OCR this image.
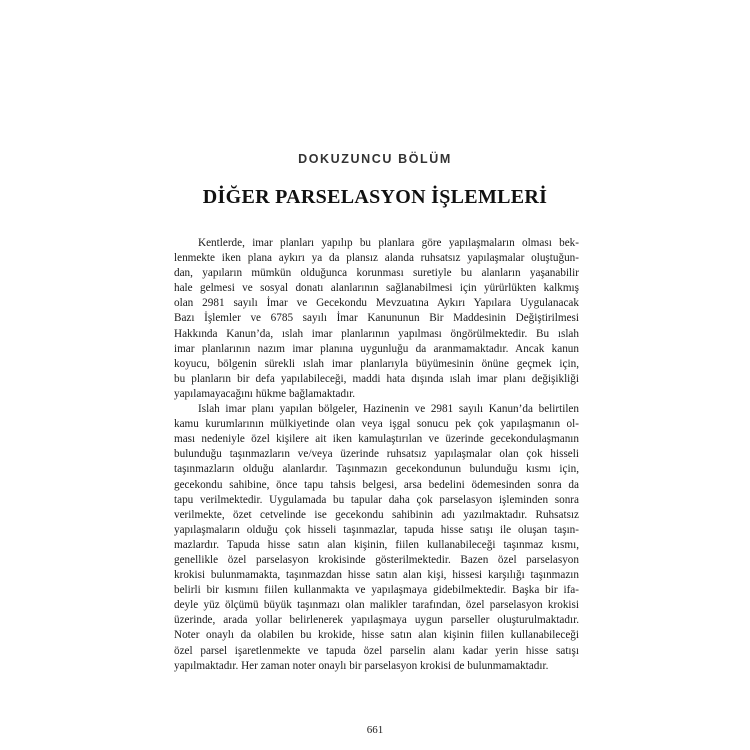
DOKUZUNCU BÖLÜM
DİĞER PARSELASYON İŞLEMLERİ
Kentlerde, imar planları yapılıp bu planlara göre yapılaşmaların olması bek-
lenmekte iken plana aykırı ya da plansız alanda ruhsatsız yapılaşmalar oluştuğun-
dan, yapıların mümkün olduğunca korunması suretiyle bu alanların yaşanabilir
hale gelmesi ve sosyal donatı alanlarının sağlanabilmesi için yürürlükten kalkmış
olan 2981 sayılı İmar ve Gecekondu Mevzuatına Aykırı Yapılara Uygulanacak
Bazı İşlemler ve 6785 sayılı İmar Kanununun Bir Maddesinin Değiştirilmesi
Hakkında Kanun’da, ıslah imar planlarının yapılması öngörülmektedir. Bu ıslah
imar planlarının nazım imar planına uygunluğu da aranmamaktadır. Ancak kanun
koyucu, bölgenin sürekli ıslah imar planlarıyla büyümesinin önüne geçmek için,
bu planların bir defa yapılabileceği, maddi hata dışında ıslah imar planı değişikliği
yapılamayacağını hükme bağlamaktadır.
Islah imar planı yapılan bölgeler, Hazinenin ve 2981 sayılı Kanun’da belirtilen
kamu kurumlarının mülkiyetinde olan veya işgal sonucu pek çok yapılaşmanın ol-
ması nedeniyle özel kişilere ait iken kamulaştırılan ve üzerinde gecekondulaşmanın
bulunduğu taşınmazların ve/veya üzerinde ruhsatsız yapılaşmalar olan çok hisseli
taşınmazların olduğu alanlardır. Taşınmazın gecekondunun bulunduğu kısmı için,
gecekondu sahibine, önce tapu tahsis belgesi, arsa bedelini ödemesinden sonra da
tapu verilmektedir. Uygulamada bu tapular daha çok parselasyon işleminden sonra
verilmekte, özet cetvelinde ise gecekondu sahibinin adı yazılmaktadır. Ruhsatsız
yapılaşmaların olduğu çok hisseli taşınmazlar, tapuda hisse satışı ile oluşan taşın-
mazlardır. Tapuda hisse satın alan kişinin, fiilen kullanabileceği taşınmaz kısmı,
genellikle özel parselasyon krokisinde gösterilmektedir. Bazen özel parselasyon
krokisi bulunmamakta, taşınmazdan hisse satın alan kişi, hissesi karşılığı taşınmazın
belirli bir kısmını fiilen kullanmakta ve yapılaşmaya gidebilmektedir. Başka bir ifa-
deyle yüz ölçümü büyük taşınmazı olan malikler tarafından, özel parselasyon krokisi
üzerinde, arada yollar belirlenerek yapılaşmaya uygun parseller oluşturulmaktadır.
Noter onaylı da olabilen bu krokide, hisse satın alan kişinin fiilen kullanabileceği
özel parsel işaretlenmekte ve tapuda özel parselin alanı kadar yerin hisse satışı
yapılmaktadır. Her zaman noter onaylı bir parselasyon krokisi de bulunmamaktadır.
661
